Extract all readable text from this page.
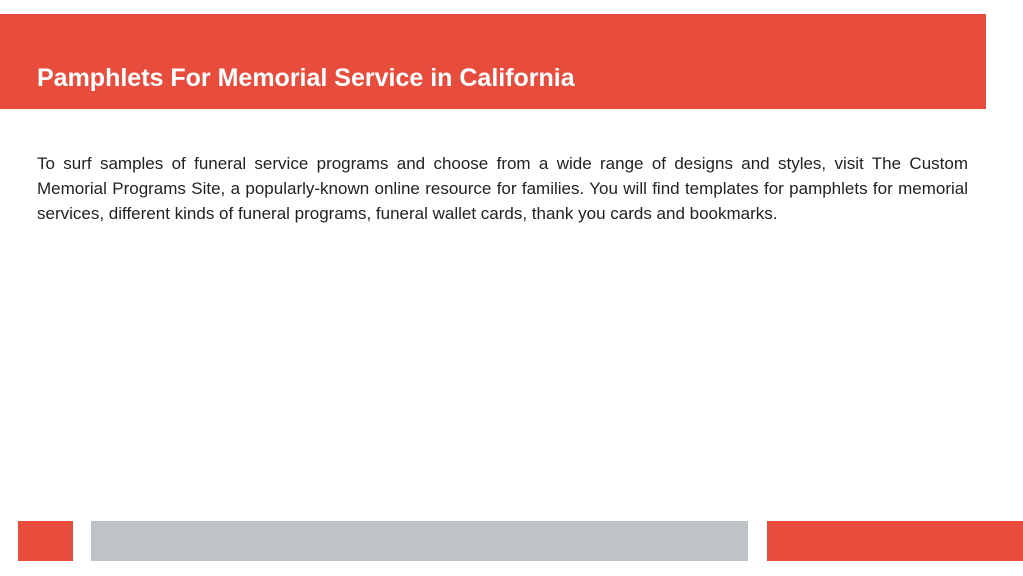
Pamphlets For Memorial Service in California

To surf samples of funeral service programs and choose from a wide range of designs and styles, visit The Custom Memorial Programs Site, a popularly-known online resource for families. You will find templates for pamphlets for memorial services, different kinds of funeral programs, funeral wallet cards, thank you cards and bookmarks.
